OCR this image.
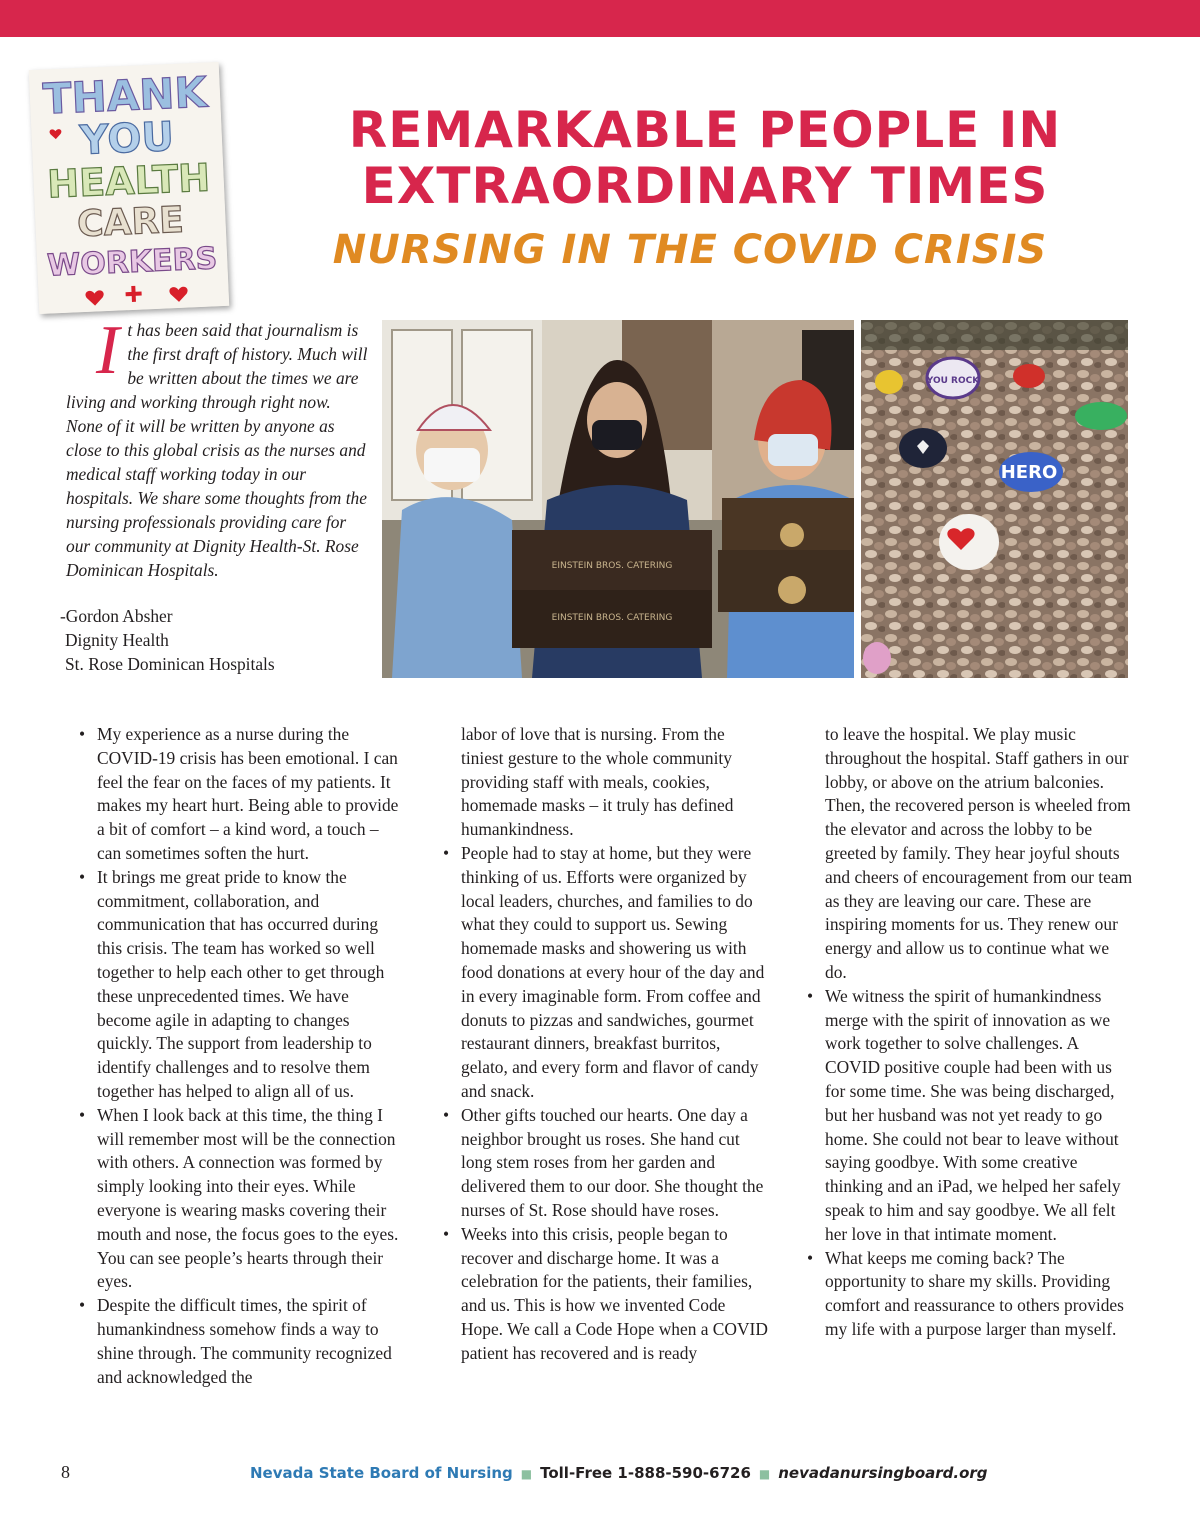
THANK
YOU
HEALTH
CARE
WORKERS
REMARKABLE PEOPLE IN
EXTRAORDINARY TIMES
NURSING IN THE COVID CRISIS
It has been said that journalism is the first draft of history. Much will be written about the times we are living and working through right now. None of it will be written by anyone as close to this global crisis as the nurses and medical staff working today in our hospitals. We share some thoughts from the nursing professionals providing care for our community at Dignity Health-St. Rose Dominican Hospitals.
-Gordon Absher
Dignity Health
St. Rose Dominican Hospitals
EINSTEIN BROS. CATERING
EINSTEIN BROS. CATERING
YOU ROCK
HERO
• My experience as a nurse during the COVID-19 crisis has been emotional. I can feel the fear on the faces of my patients. It makes my heart hurt. Being able to provide a bit of comfort – a kind word, a touch – can sometimes soften the hurt.
• It brings me great pride to know the commitment, collaboration, and communication that has occurred during this crisis. The team has worked so well together to help each other to get through these unprecedented times. We have become agile in adapting to changes quickly. The support from leadership to identify challenges and to resolve them together has helped to align all of us.
• When I look back at this time, the thing I will remember most will be the connection with others. A connection was formed by simply looking into their eyes. While everyone is wearing masks covering their mouth and nose, the focus goes to the eyes. You can see people’s hearts through their eyes.
• Despite the difficult times, the spirit of humankindness somehow finds a way to shine through. The community recognized and acknowledged the

labor of love that is nursing. From the tiniest gesture to the whole community providing staff with meals, cookies, homemade masks – it truly has defined humankindness.

• People had to stay at home, but they were thinking of us. Efforts were organized by local leaders, churches, and families to do what they could to support us. Sewing homemade masks and showering us with food donations at every hour of the day and in every imaginable form. From coffee and donuts to pizzas and sandwiches, gourmet restaurant dinners, breakfast burritos, gelato, and every form and flavor of candy and snack.
• Other gifts touched our hearts. One day a neighbor brought us roses. She hand cut long stem roses from her garden and delivered them to our door. She thought the nurses of St. Rose should have roses.
• Weeks into this crisis, people began to recover and discharge home. It was a celebration for the patients, their families, and us. This is how we invented Code Hope. We call a Code Hope when a COVID patient has recovered and is ready

to leave the hospital. We play music throughout the hospital. Staff gathers in our lobby, or above on the atrium balconies. Then, the recovered person is wheeled from the elevator and across the lobby to be greeted by family. They hear joyful shouts and cheers of encouragement from our team as they are leaving our care. These are inspiring moments for us. They renew our energy and allow us to continue what we do.

• We witness the spirit of humankindness merge with the spirit of innovation as we work together to solve challenges. A COVID positive couple had been with us for some time. She was being discharged, but her husband was not yet ready to go home. She could not bear to leave without saying goodbye. With some creative thinking and an iPad, we helped her safely speak to him and say goodbye. We all felt her love in that intimate moment.
• What keeps me coming back? The opportunity to share my skills. Providing comfort and reassurance to others provides my life with a purpose larger than myself.
8	Nevada State Board of Nursing ■ Toll-Free 1-888-590-6726 ■ nevadanursingboard.org
